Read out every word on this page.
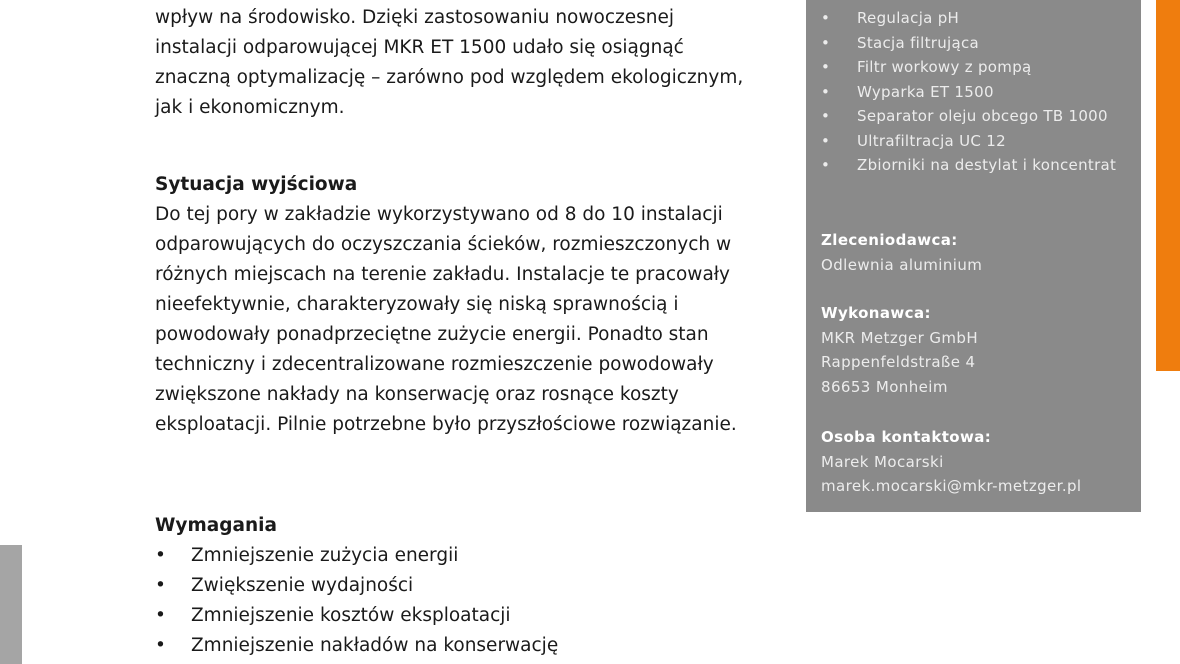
wpływ na środowisko. Dzięki zastosowaniu nowoczesnej
instalacji odparowującej MKR ET 1500 udało się osiągnąć
znaczną optymalizację – zarówno pod względem ekologicznym,
jak i ekonomicznym.

Sytuacja wyjściowa

Do tej pory w zakładzie wykorzystywano od 8 do 10 instalacji
odparowujących do oczyszczania ścieków, rozmieszczonych w
różnych miejscach na terenie zakładu. Instalacje te pracowały
nieefektywnie, charakteryzowały się niską sprawnością i
powodowały ponadprzeciętne zużycie energii. Ponadto stan
techniczny i zdecentralizowane rozmieszczenie powodowały
zwiększone nakłady na konserwację oraz rosnące koszty
eksploatacji. Pilnie potrzebne było przyszłościowe rozwiązanie.

Wymagania
• Zmniejszenie zużycia energii
• Zwiększenie wydajności
• Zmniejszenie kosztów eksploatacji
• Zmniejszenie nakładów na konserwację
• Regulacja pH
• Stacja filtrująca
• Filtr workowy z pompą
• Wyparka ET 1500
• Separator oleju obcego TB 1000
• Ultrafiltracja UC 12
• Zbiorniki na destylat i koncentrat
Zleceniodawca:
Odlewnia aluminium
Wykonawca:
MKR Metzger GmbH
Rappenfeldstraße 4
86653 Monheim
Osoba kontaktowa:
Marek Mocarski
marek.mocarski@mkr-metzger.pl
